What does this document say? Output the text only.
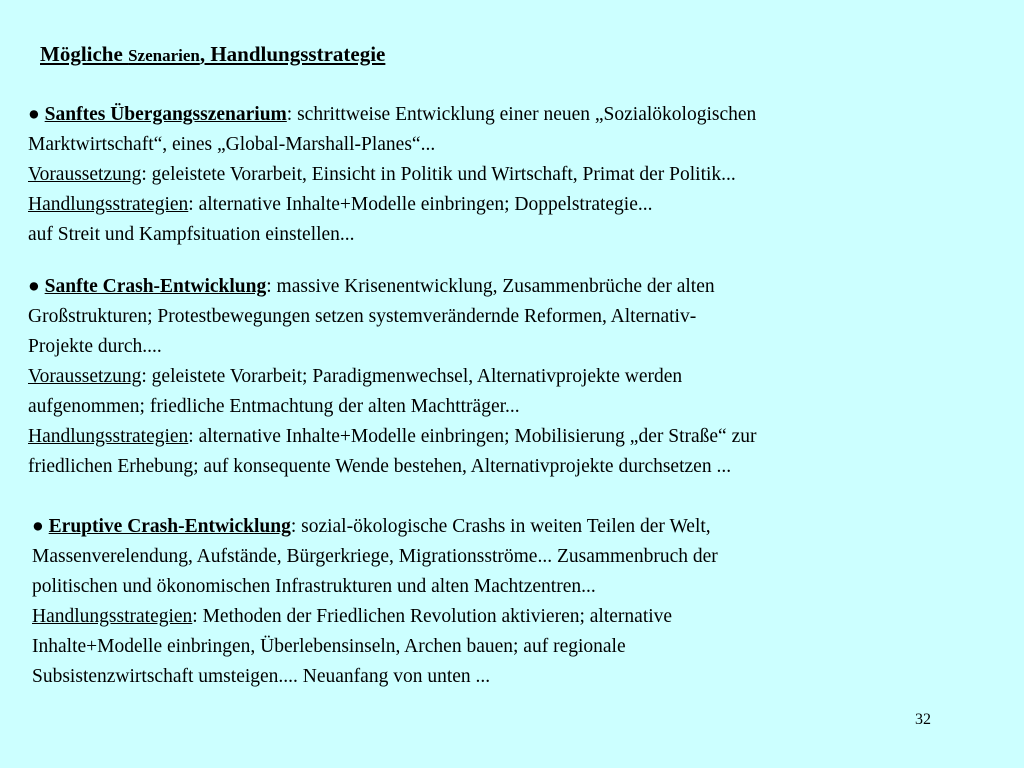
Mögliche Szenarien, Handlungsstrategie
● Sanftes Übergangsszenarium: schrittweise Entwicklung einer neuen „Sozialökologischen
Marktwirtschaft“, eines „Global-Marshall-Planes“...
Voraussetzung: geleistete Vorarbeit, Einsicht in Politik und Wirtschaft, Primat der Politik...
Handlungsstrategien: alternative Inhalte+Modelle einbringen; Doppelstrategie...
auf Streit und Kampfsituation einstellen...
● Sanfte Crash-Entwicklung: massive Krisenentwicklung, Zusammenbrüche der alten
Großstrukturen; Protestbewegungen setzen systemverändernde Reformen, Alternativ-
Projekte durch....
Voraussetzung: geleistete Vorarbeit; Paradigmenwechsel, Alternativprojekte werden
aufgenommen; friedliche Entmachtung der alten Machtträger...
Handlungsstrategien: alternative Inhalte+Modelle einbringen; Mobilisierung „der Straße“ zur
friedlichen Erhebung; auf konsequente Wende bestehen, Alternativprojekte durchsetzen ...
● Eruptive Crash-Entwicklung: sozial-ökologische Crashs in weiten Teilen der Welt,
Massenverelendung, Aufstände, Bürgerkriege, Migrationsströme... Zusammenbruch der
politischen und ökonomischen Infrastrukturen und alten Machtzentren...
Handlungsstrategien: Methoden der Friedlichen Revolution aktivieren; alternative
Inhalte+Modelle einbringen, Überlebensinseln, Archen bauen; auf regionale
Subsistenzwirtschaft umsteigen.... Neuanfang von unten ...
32
